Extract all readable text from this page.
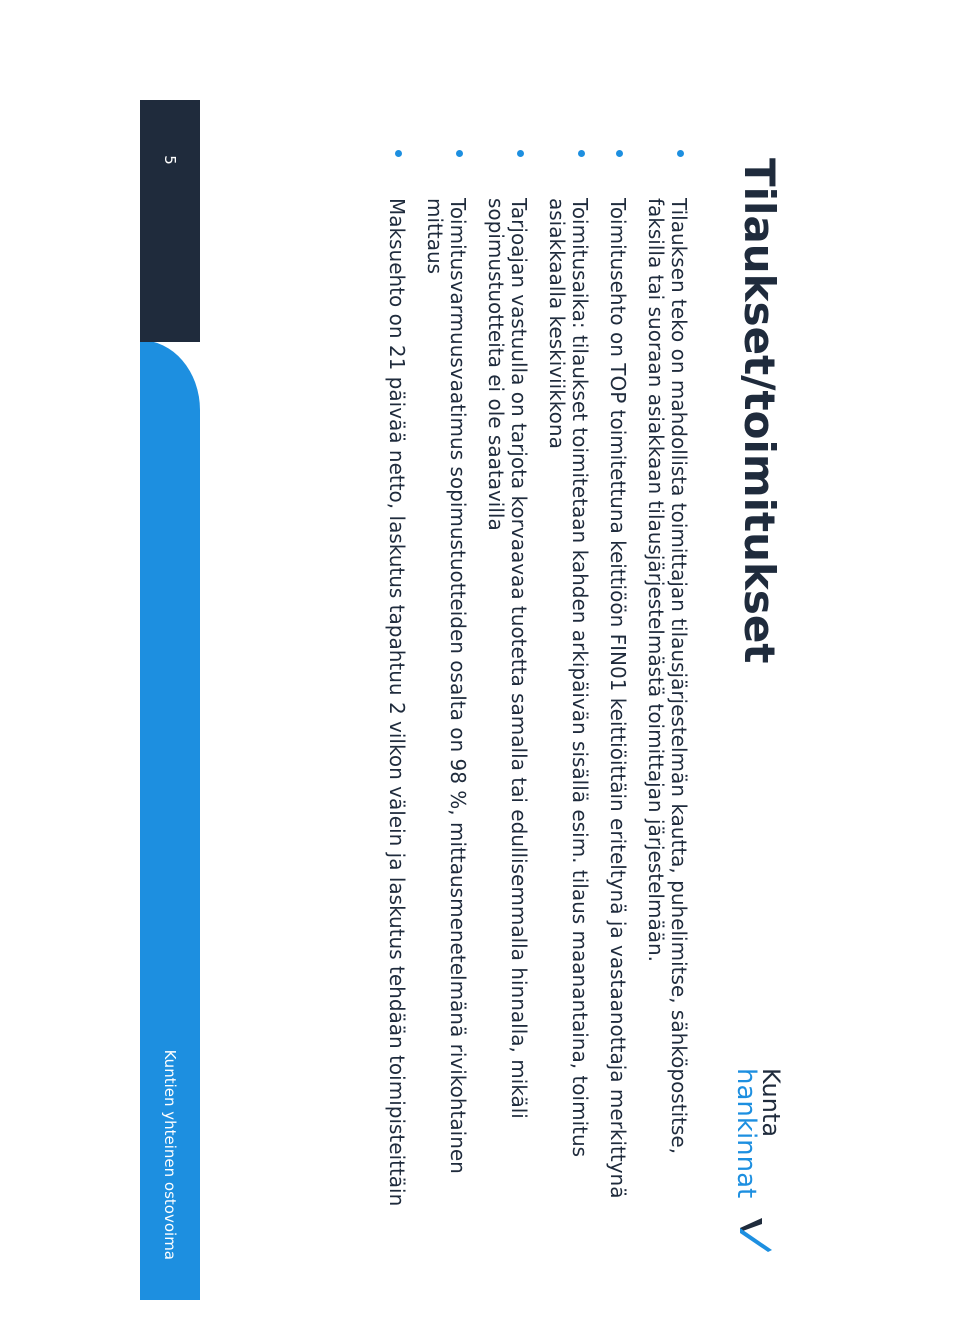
Tilaukset/toimitukset
Kunta
hankinnat
Tilauksen teko on mahdollista toimittajan tilausjärjestelmän kautta, puhelimitse, sähköpostitse, faksilla tai suoraan asiakkaan tilausjärjestelmästä toimittajan järjestelmään.
Toimitusehto on TOP toimitettuna keittiöön FIN01 keittiöittäin eriteltynä ja vastaanottaja merkittynä
Toimitusaika: tilaukset toimitetaan kahden arkipäivän sisällä esim. tilaus maanantaina, toimitus asiakkaalla keskiviikkona
Tarjoajan vastuulla on tarjota korvaavaa tuotetta samalla tai edullisemmalla hinnalla, mikäli sopimustuotteita ei ole saatavilla
Toimitusvarmuusvaatimus sopimustuotteiden osalta on 98 %, mittausmenetelmänä rivikohtainen mittaus
Maksuehto on 21 päivää netto, laskutus tapahtuu 2 vilkon välein ja laskutus tehdään toimipisteittäin
5
Kuntien yhteinen ostovoima
